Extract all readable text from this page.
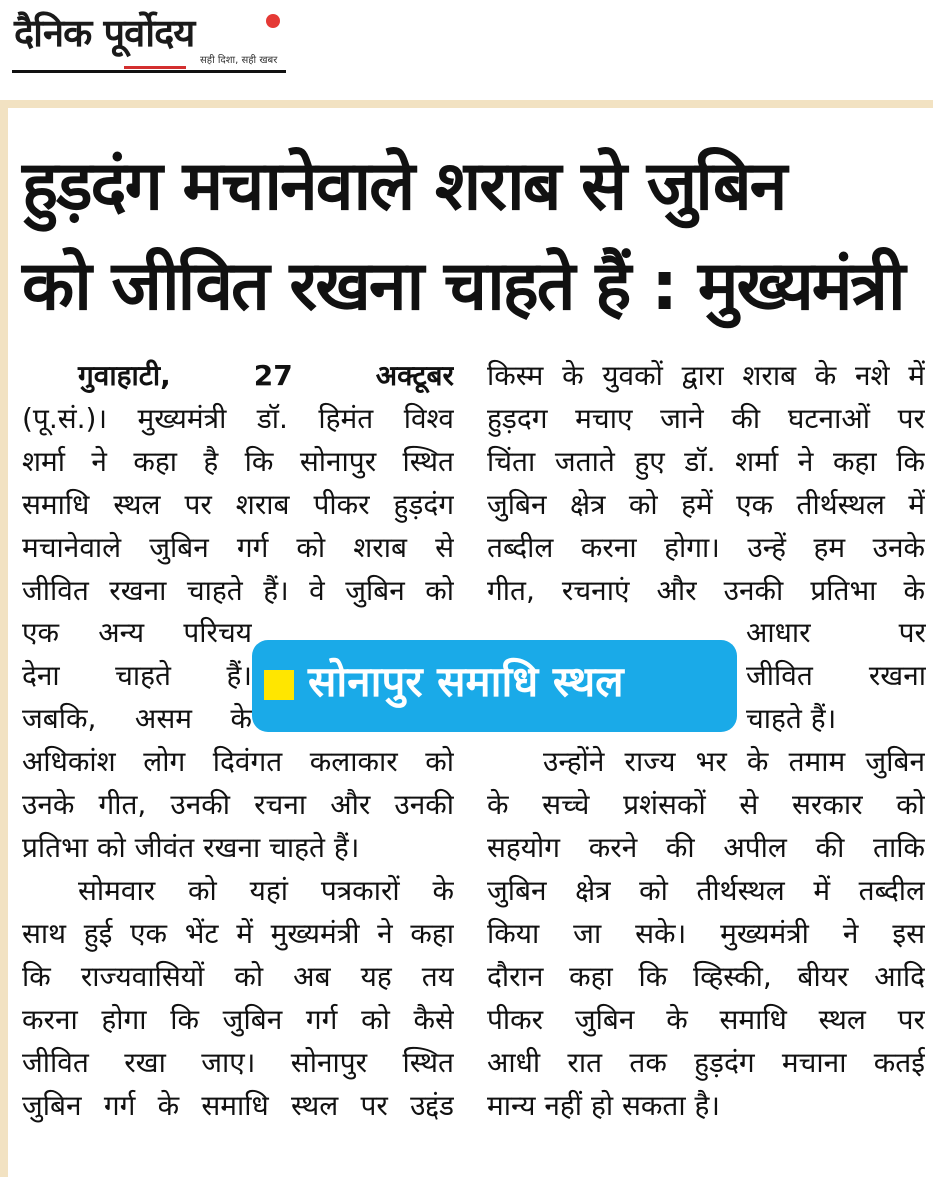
दैनिक पूर्वोदय
सही दिशा, सही खबर
हुड़दंग मचानेवाले शराब से जुबिन
को जीवित रखना चाहते हैं : मुख्यमंत्री
गुवाहाटी, 27 अक्टूबर
(पू.सं.)। मुख्यमंत्री डॉ. हिमंत विश्व
शर्मा ने कहा है कि सोनापुर स्थित
समाधि स्थल पर शराब पीकर हुड़दंग
मचानेवाले जुबिन गर्ग को शराब से
जीवित रखना चाहते हैं। वे जुबिन को
एक अन्य परिचय
देना चाहते हैं।
जबकि, असम के
अधिकांश लोग दिवंगत कलाकार को
उनके गीत, उनकी रचना और उनकी
प्रतिभा को जीवंत रखना चाहते हैं।
सोमवार को यहां पत्रकारों के
साथ हुई एक भेंट में मुख्यमंत्री ने कहा
कि राज्यवासियों को अब यह तय
करना होगा कि जुबिन गर्ग को कैसे
जीवित रखा जाए। सोनापुर स्थित
जुबिन गर्ग के समाधि स्थल पर उद्दंड
किस्म के युवकों द्वारा शराब के नशे में
हुड़दग मचाए जाने की घटनाओं पर
चिंता जताते हुए डॉ. शर्मा ने कहा कि
जुबिन क्षेत्र को हमें एक तीर्थस्थल में
तब्दील करना होगा। उन्हें हम उनके
गीत, रचनाएं और उनकी प्रतिभा के
आधार पर
जीवित रखना
चाहते हैं।
उन्होंने राज्य भर के तमाम जुबिन
के सच्चे प्रशंसकों से सरकार को
सहयोग करने की अपील की ताकि
जुबिन क्षेत्र को तीर्थस्थल में तब्दील
किया जा सके। मुख्यमंत्री ने इस
दौरान कहा कि व्हिस्की, बीयर आदि
पीकर जुबिन के समाधि स्थल पर
आधी रात तक हुड़दंग मचाना कतई
मान्य नहीं हो सकता है।
सोनापुर समाधि स्थल
